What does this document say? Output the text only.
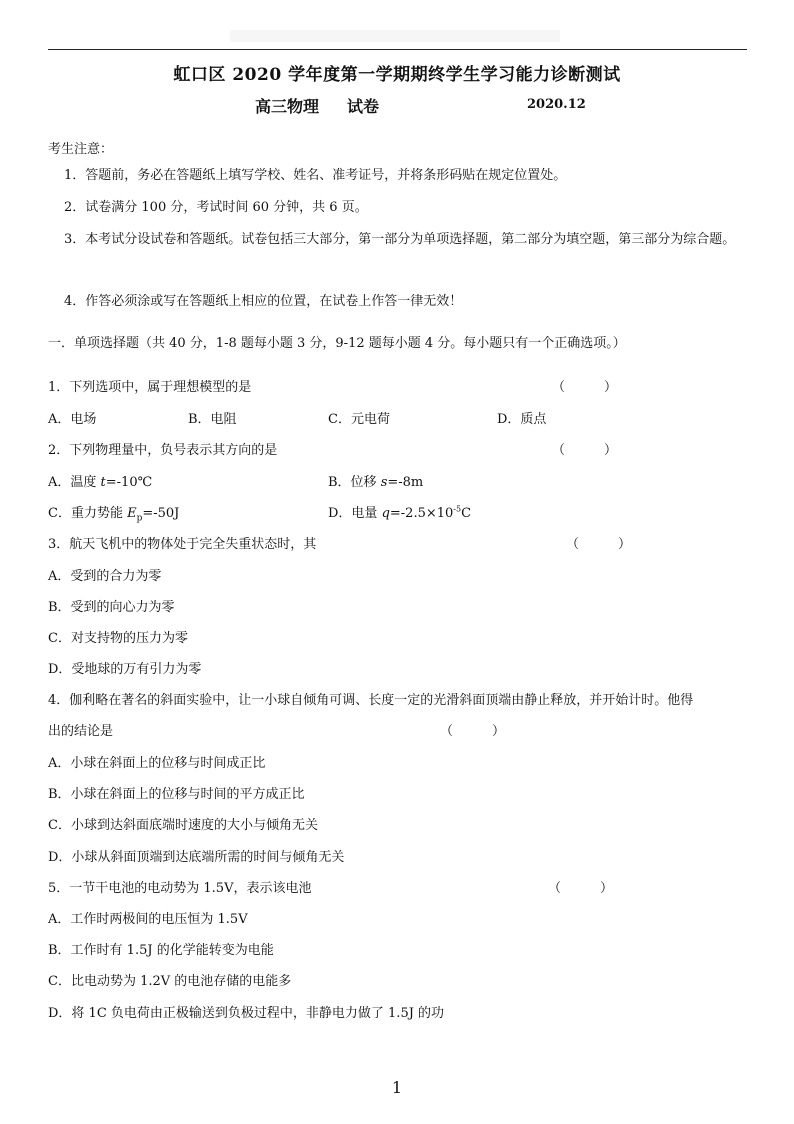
虹口区 2020 学年度第一学期期终学生学习能力诊断测试
高三物理 试卷	2020.12
考生注意：
1．答题前，务必在答题纸上填写学校、姓名、准考证号，并将条形码贴在规定位置处。
2．试卷满分 100 分，考试时间 60 分钟，共 6 页。
3．本考试分设试卷和答题纸。试卷包括三大部分，第一部分为单项选择题，第二部分为填空题，第三部分为综合题。
4．作答必须涂或写在答题纸上相应的位置，在试卷上作答一律无效！
一．单项选择题（共 40 分，1-8 题每小题 3 分，9-12 题每小题 4 分。每小题只有一个正确选项。）
1．下列选项中，属于理想模型的是	（　　　）
A．电场	B．电阻	C．元电荷	D．质点
2．下列物理量中，负号表示其方向的是	（　　　）
A．温度 t=-10℃	B．位移 s=-8m
C．重力势能 $E_p=-50J$	D．电量 $q=-2.5\times 10^{-5}C$
3．航天飞机中的物体处于完全失重状态时，其	（　　　）
A．受到的合力为零
B．受到的向心力为零
C．对支持物的压力为零
D．受地球的万有引力为零
4．伽利略在著名的斜面实验中，让一小球自倾角可调、长度一定的光滑斜面顶端由静止释放，并开始计时。他得
出的结论是	（　　　）
A．小球在斜面上的位移与时间成正比
B．小球在斜面上的位移与时间的平方成正比
C．小球到达斜面底端时速度的大小与倾角无关
D．小球从斜面顶端到达底端所需的时间与倾角无关
5．一节干电池的电动势为 1.5V，表示该电池	（　　　）
A．工作时两极间的电压恒为 1.5V
B．工作时有 1.5J 的化学能转变为电能
C．比电动势为 1.2V 的电池存储的电能多
D．将 1C 负电荷由正极输送到负极过程中，非静电力做了 1.5J 的功
1
